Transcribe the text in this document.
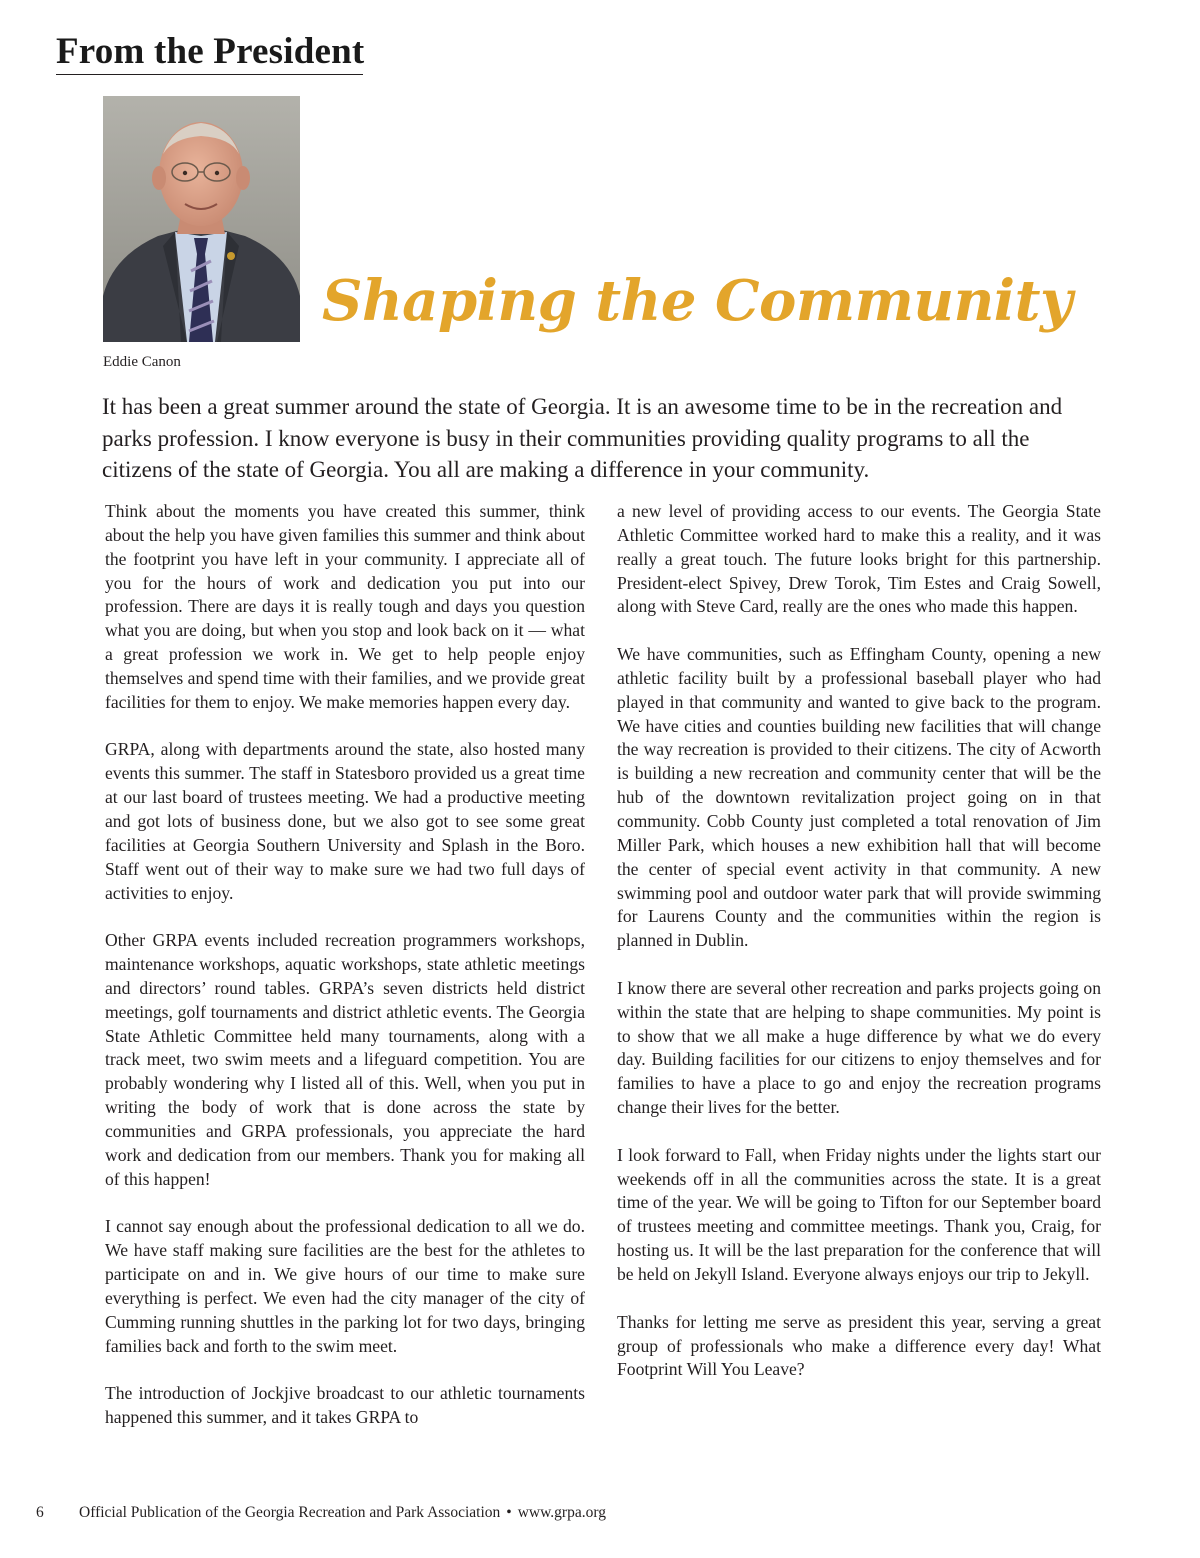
From the President
Eddie Canon
Shaping the Community

It has been a great summer around the state of Georgia. It is an awesome time to be in the recreation and parks profession. I know everyone is busy in their communities providing quality programs to all the citizens of the state of Georgia. You all are making a difference in your community.

Think about the moments you have created this summer, think about the help you have given families this summer and think about the footprint you have left in your community. I appreciate all of you for the hours of work and dedication you put into our profession. There are days it is really tough and days you question what you are doing, but when you stop and look back on it — what a great profession we work in. We get to help people enjoy themselves and spend time with their families, and we provide great facilities for them to enjoy. We make memories happen every day.

GRPA, along with departments around the state, also hosted many events this summer. The staff in Statesboro provided us a great time at our last board of trustees meeting. We had a productive meeting and got lots of business done, but we also got to see some great facilities at Georgia Southern University and Splash in the Boro. Staff went out of their way to make sure we had two full days of activities to enjoy.

Other GRPA events included recreation programmers workshops, maintenance workshops, aquatic workshops, state athletic meetings and directors’ round tables. GRPA’s seven districts held district meetings, golf tournaments and district athletic events. The Georgia State Athletic Committee held many tournaments, along with a track meet, two swim meets and a lifeguard competition. You are probably wondering why I listed all of this. Well, when you put in writing the body of work that is done across the state by communities and GRPA professionals, you appreciate the hard work and dedication from our members. Thank you for making all of this happen!

I cannot say enough about the professional dedication to all we do. We have staff making sure facilities are the best for the athletes to participate on and in. We give hours of our time to make sure everything is perfect. We even had the city manager of the city of Cumming running shuttles in the parking lot for two days, bringing families back and forth to the swim meet.

The introduction of Jockjive broadcast to our athletic tournaments happened this summer, and it takes GRPA to

a new level of providing access to our events. The Georgia State Athletic Committee worked hard to make this a reality, and it was really a great touch. The future looks bright for this partnership. President-elect Spivey, Drew Torok, Tim Estes and Craig Sowell, along with Steve Card, really are the ones who made this happen.

We have communities, such as Effingham County, opening a new athletic facility built by a professional baseball player who had played in that community and wanted to give back to the program. We have cities and counties building new facilities that will change the way recreation is provided to their citizens. The city of Acworth is building a new recreation and community center that will be the hub of the downtown revitalization project going on in that community. Cobb County just completed a total renovation of Jim Miller Park, which houses a new exhibition hall that will become the center of special event activity in that community. A new swimming pool and outdoor water park that will provide swimming for Laurens County and the communities within the region is planned in Dublin.

I know there are several other recreation and parks projects going on within the state that are helping to shape communities. My point is to show that we all make a huge difference by what we do every day. Building facilities for our citizens to enjoy themselves and for families to have a place to go and enjoy the recreation programs change their lives for the better.

I look forward to Fall, when Friday nights under the lights start our weekends off in all the communities across the state. It is a great time of the year. We will be going to Tifton for our September board of trustees meeting and committee meetings. Thank you, Craig, for hosting us. It will be the last preparation for the conference that will be held on Jekyll Island. Everyone always enjoys our trip to Jekyll.

Thanks for letting me serve as president this year, serving a great group of professionals who make a difference every day! What Footprint Will You Leave?

6 Official Publication of the Georgia Recreation and Park Association • www.grpa.org
